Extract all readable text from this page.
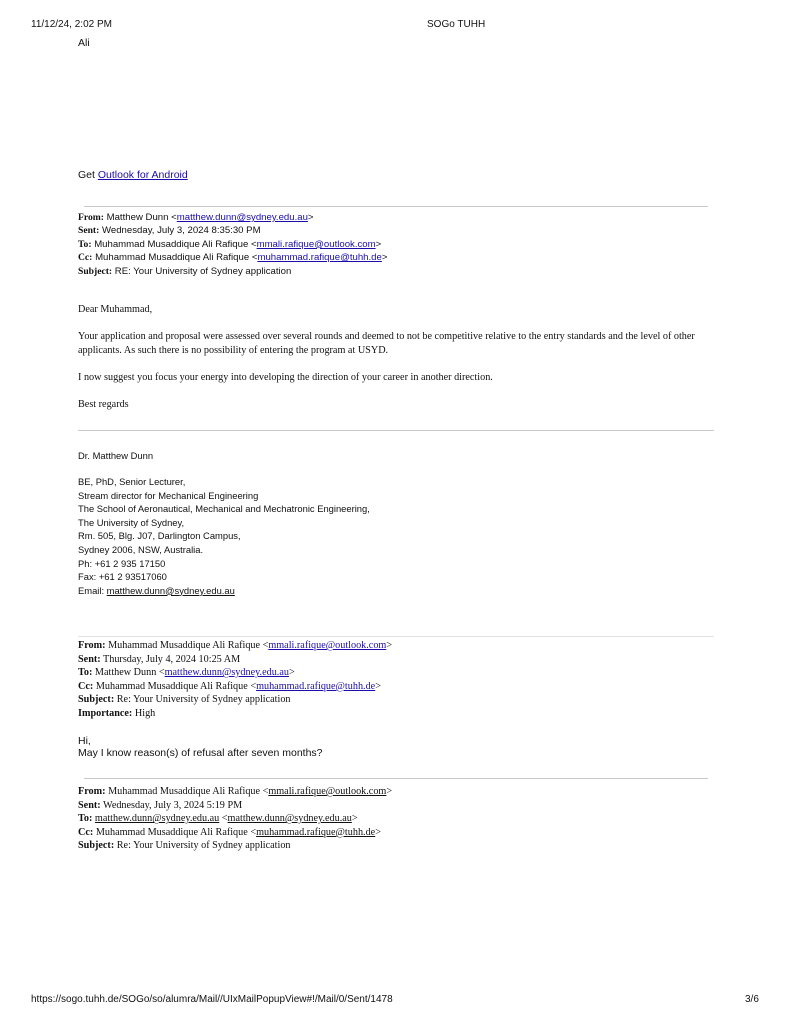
11/12/24, 2:02 PM	SOGo TUHH
Ali
Get Outlook for Android
From: Matthew Dunn <matthew.dunn@sydney.edu.au>
Sent: Wednesday, July 3, 2024 8:35:30 PM
To: Muhammad Musaddique Ali Rafique <mmali.rafique@outlook.com>
Cc: Muhammad Musaddique Ali Rafique <muhammad.rafique@tuhh.de>
Subject: RE: Your University of Sydney application
Dear Muhammad,
Your application and proposal were assessed over several rounds and deemed to not be competitive relative to the entry standards and the level of other
applicants. As such there is no possibility of entering the program at USYD.
I now suggest you focus your energy into developing the direction of your career in another direction.
Best regards
Dr. Matthew Dunn
BE, PhD, Senior Lecturer,
Stream director for Mechanical Engineering
The School of Aeronautical, Mechanical and Mechatronic Engineering,
The University of Sydney,
Rm. 505, Blg. J07, Darlington Campus,
Sydney 2006, NSW, Australia.
Ph: +61 2 935 17150
Fax: +61 2 93517060
Email: matthew.dunn@sydney.edu.au
From: Muhammad Musaddique Ali Rafique <mmali.rafique@outlook.com>
Sent: Thursday, July 4, 2024 10:25 AM
To: Matthew Dunn <matthew.dunn@sydney.edu.au>
Cc: Muhammad Musaddique Ali Rafique <muhammad.rafique@tuhh.de>
Subject: Re: Your University of Sydney application
Importance: High
Hi,
May I know reason(s) of refusal after seven months?
From: Muhammad Musaddique Ali Rafique <mmali.rafique@outlook.com>
Sent: Wednesday, July 3, 2024 5:19 PM
To: matthew.dunn@sydney.edu.au <matthew.dunn@sydney.edu.au>
Cc: Muhammad Musaddique Ali Rafique <muhammad.rafique@tuhh.de>
Subject: Re: Your University of Sydney application
https://sogo.tuhh.de/SOGo/so/alumra/Mail//UIxMailPopupView#!/Mail/0/Sent/1478	3/6
